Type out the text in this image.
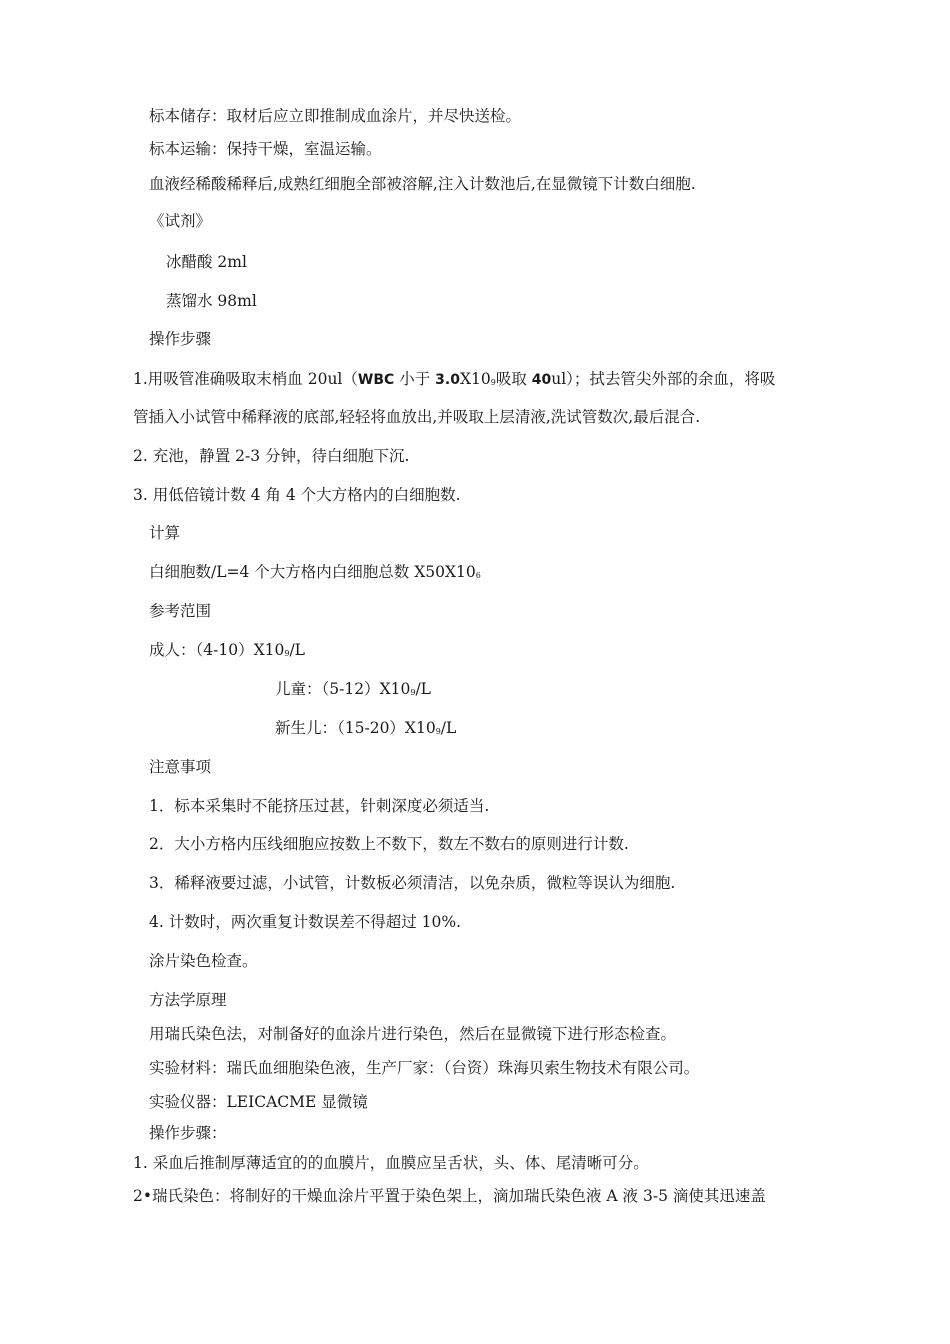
标本储存：取材后应立即推制成血涂片，并尽快送检。
标本运输：保持干燥，室温运输。
血液经稀酸稀释后,成熟红细胞全部被溶解,注入计数池后,在显微镜下计数白细胞.
《试剂》
冰醋酸 2ml
蒸馏水 98ml
操作步骤
1.用吸管准确吸取末梢血 20ul（WBC 小于 $3.0X10_9$吸取 40ul）；拭去管尖外部的余血，将吸
管插入小试管中稀释液的底部,轻轻将血放出,并吸取上层清液,洗试管数次,最后混合.
2. 充池，静置 2-3 分钟，待白细胞下沉.
3. 用低倍镜计数 4 角 4 个大方格内的白细胞数.
计算
白细胞数/L=4 个大方格内白细胞总数 $X50X10_6$
参考范围
成人：$(4-10)X10_9/L$
儿童：$(5-12)X10_9/L$
新生儿：$(15-20)X10_9/L$
注意事项
1．标本采集时不能挤压过甚，针刺深度必须适当.
2．大小方格内压线细胞应按数上不数下，数左不数右的原则进行计数.
3．稀释液要过滤，小试管，计数板必须清洁，以免杂质，微粒等误认为细胞.
4. 计数时，两次重复计数误差不得超过 10%.
涂片染色检查。
方法学原理
用瑞氏染色法，对制备好的血涂片进行染色，然后在显微镜下进行形态检查。
实验材料：瑞氏血细胞染色液，生产厂家：（台资）珠海贝索生物技术有限公司。
实验仪器：LEICACME 显微镜
操作步骤：
1. 采血后推制厚薄适宜的的血膜片，血膜应呈舌状，头、体、尾清晰可分。
2•瑞氏染色：将制好的干燥血涂片平置于染色架上，滴加瑞氏染色液 A 液 3-5 滴使其迅速盖
